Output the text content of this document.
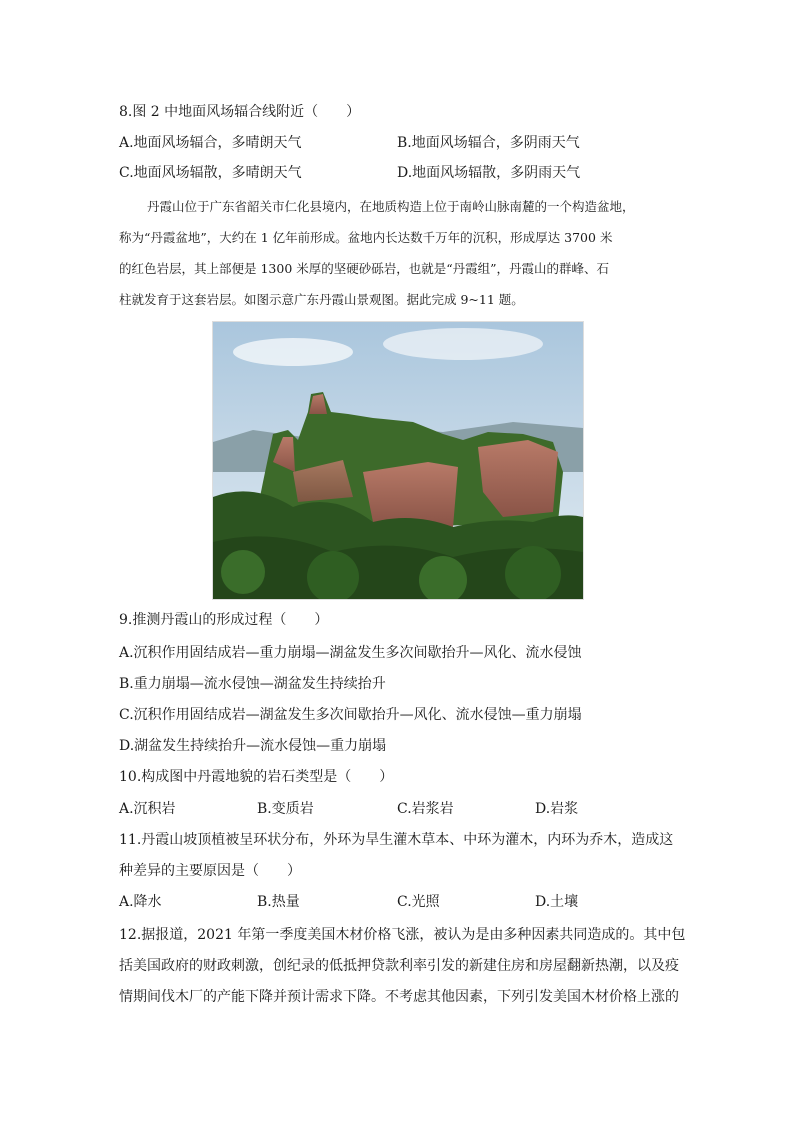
8.图 2 中地面风场辐合线附近（　　）
A.地面风场辐合，多晴朗天气	B.地面风场辐合，多阴雨天气
C.地面风场辐散，多晴朗天气	D.地面风场辐散，多阴雨天气
丹霞山位于广东省韶关市仁化县境内，在地质构造上位于南岭山脉南麓的一个构造盆地，
称为“丹霞盆地”，大约在 1 亿年前形成。盆地内长达数千万年的沉积，形成厚达 3700 米
的红色岩层，其上部便是 1300 米厚的坚硬砂砾岩，也就是“丹霞组”，丹霞山的群峰、石
柱就发育于这套岩层。如图示意广东丹霞山景观图。据此完成 9~11 题。
9.推测丹霞山的形成过程（　　）
A.沉积作用固结成岩—重力崩塌—湖盆发生多次间歇抬升—风化、流水侵蚀
B.重力崩塌—流水侵蚀—湖盆发生持续抬升
C.沉积作用固结成岩—湖盆发生多次间歇抬升—风化、流水侵蚀—重力崩塌
D.湖盆发生持续抬升—流水侵蚀—重力崩塌
10.构成图中丹霞地貌的岩石类型是（　　）
A.沉积岩	B.变质岩	C.岩浆岩	D.岩浆
11.丹霞山坡顶植被呈环状分布，外环为旱生灌木草本、中环为灌木，内环为乔木，造成这
种差异的主要原因是（　　）
A.降水	B.热量	C.光照	D.土壤
12.据报道，2021 年第一季度美国木材价格飞涨，被认为是由多种因素共同造成的。其中包
括美国政府的财政刺激，创纪录的低抵押贷款利率引发的新建住房和房屋翻新热潮，以及疫
情期间伐木厂的产能下降并预计需求下降。不考虑其他因素，下列引发美国木材价格上涨的
